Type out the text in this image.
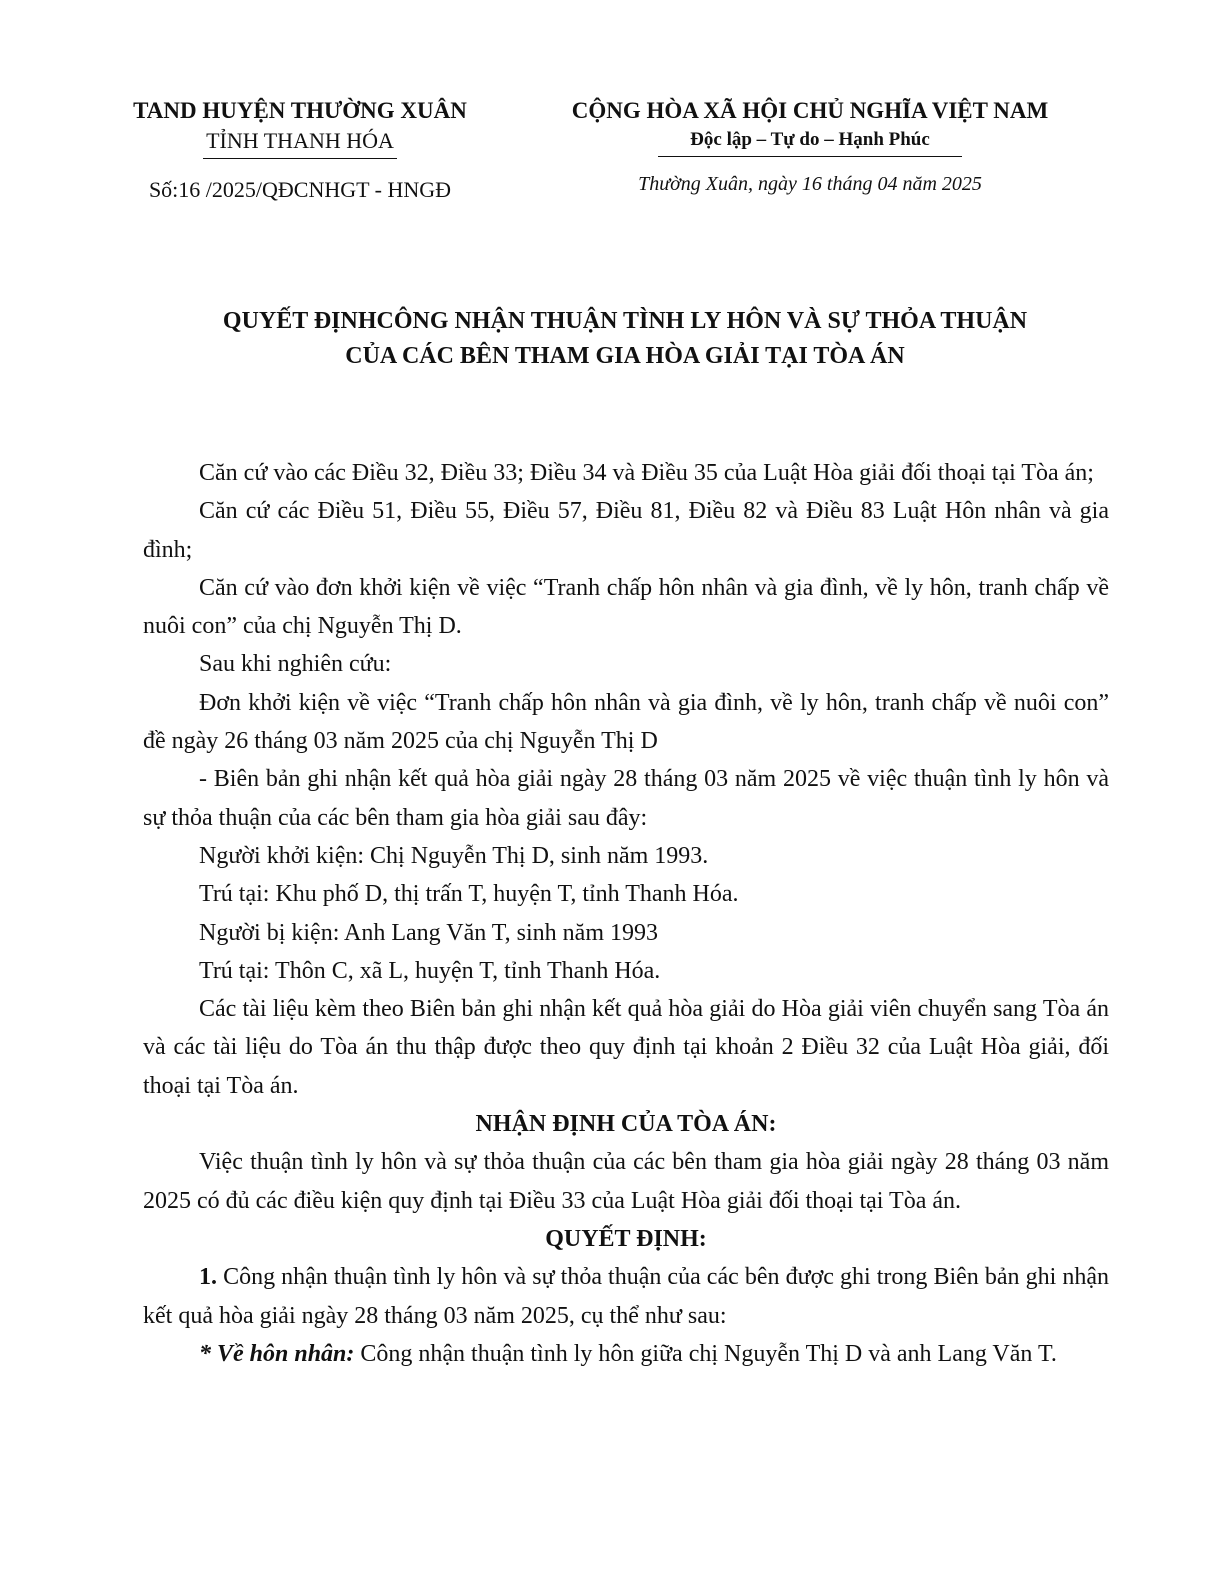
TAND HUYỆN THƯỜNG XUÂN
TỈNH THANH HÓA
Số:16 /2025/QĐCNHGT - HNGĐ
CỘNG HÒA XÃ HỘI CHỦ NGHĨA VIỆT NAM
Độc lập – Tự do – Hạnh Phúc
Thường Xuân, ngày 16 tháng 04 năm 2025
QUYẾT ĐỊNHCÔNG NHẬN THUẬN TÌNH LY HÔN VÀ SỰ THỎA THUẬN
CỦA CÁC BÊN THAM GIA HÒA GIẢI TẠI TÒA ÁN

Căn cứ vào các Điều 32, Điều 33; Điều 34 và Điều 35 của Luật Hòa giải đối thoại tại Tòa án;

Căn cứ các Điều 51, Điều 55, Điều 57, Điều 81, Điều 82 và Điều 83 Luật Hôn nhân và gia đình;

Căn cứ vào đơn khởi kiện về việc “Tranh chấp hôn nhân và gia đình, về ly hôn, tranh chấp về nuôi con” của chị Nguyễn Thị D.

Sau khi nghiên cứu:

Đơn khởi kiện về việc “Tranh chấp hôn nhân và gia đình, về ly hôn, tranh chấp về nuôi con” đề ngày 26 tháng 03 năm 2025 của chị Nguyễn Thị D

- Biên bản ghi nhận kết quả hòa giải ngày 28 tháng 03 năm 2025 về việc thuận tình ly hôn và sự thỏa thuận của các bên tham gia hòa giải sau đây:

Người khởi kiện: Chị Nguyễn Thị D, sinh năm 1993.

Trú tại: Khu phố D, thị trấn T, huyện T, tỉnh Thanh Hóa.

Người bị kiện: Anh Lang Văn T, sinh năm 1993

Trú tại: Thôn C, xã L, huyện T, tỉnh Thanh Hóa.

Các tài liệu kèm theo Biên bản ghi nhận kết quả hòa giải do Hòa giải viên chuyển sang Tòa án và các tài liệu do Tòa án thu thập được theo quy định tại khoản 2 Điều 32 của Luật Hòa giải, đối thoại tại Tòa án.

NHẬN ĐỊNH CỦA TÒA ÁN:

Việc thuận tình ly hôn và sự thỏa thuận của các bên tham gia hòa giải ngày 28 tháng 03 năm 2025 có đủ các điều kiện quy định tại Điều 33 của Luật Hòa giải đối thoại tại Tòa án.

QUYẾT ĐỊNH:

1. Công nhận thuận tình ly hôn và sự thỏa thuận của các bên được ghi trong Biên bản ghi nhận kết quả hòa giải ngày 28 tháng 03 năm 2025, cụ thể như sau:

* Về hôn nhân: Công nhận thuận tình ly hôn giữa chị Nguyễn Thị D và anh Lang Văn T.
